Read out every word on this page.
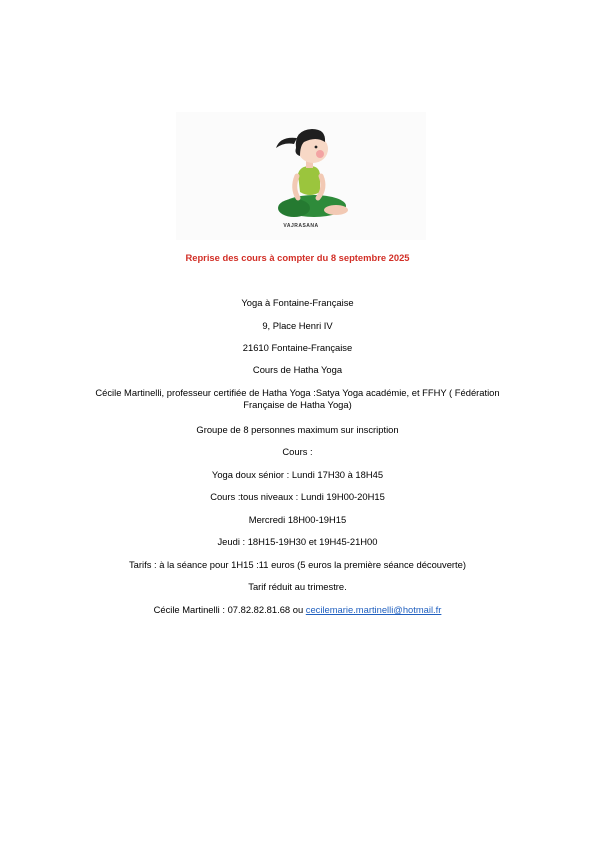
VAJRASANA
Reprise des cours à compter du 8 septembre 2025
Yoga à Fontaine-Française
9, Place Henri IV
21610 Fontaine-Française
Cours de Hatha Yoga
Cécile Martinelli, professeur certifiée de Hatha Yoga :Satya Yoga académie, et FFHY ( Fédération Française de Hatha Yoga)
Groupe de 8 personnes maximum sur inscription
Cours :
Yoga doux sénior : Lundi 17H30 à 18H45
Cours :tous niveaux : Lundi 19H00-20H15
Mercredi 18H00-19H15
Jeudi : 18H15-19H30 et 19H45-21H00
Tarifs : à la séance pour 1H15 :11 euros (5 euros la première séance découverte)
Tarif réduit au trimestre.
Cécile Martinelli : 07.82.82.81.68 ou cecilemarie.martinelli@hotmail.fr
